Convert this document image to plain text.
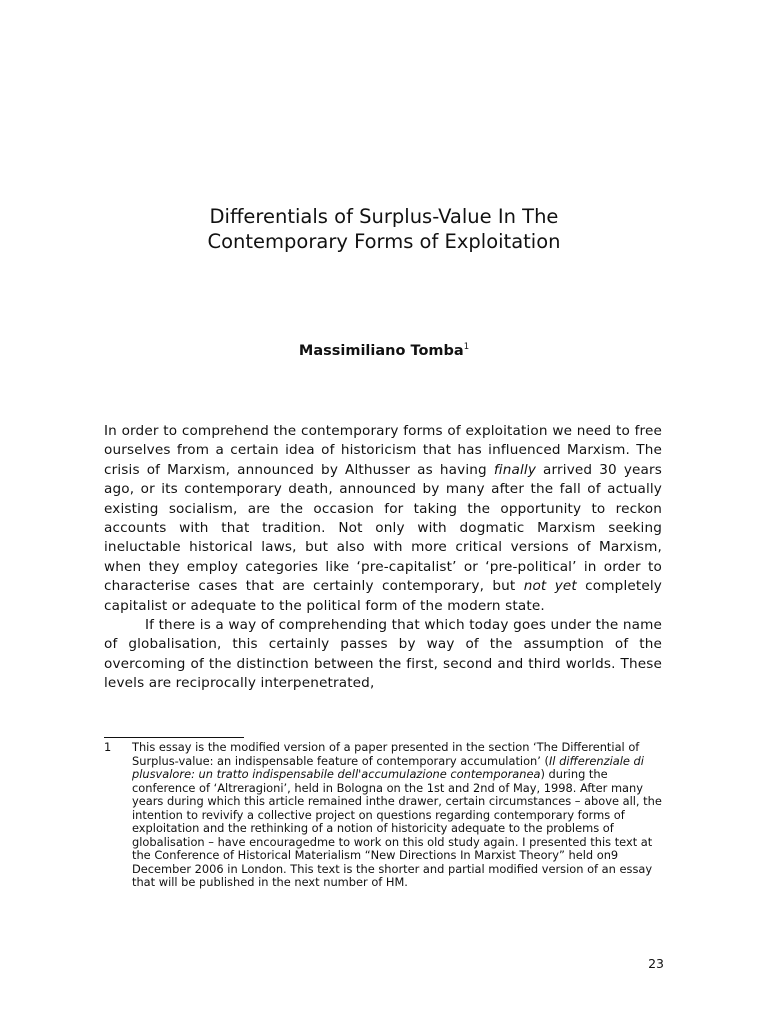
Differentials of Surplus-Value In The
Contemporary Forms of Exploitation
Massimiliano Tomba$^1$

In order to comprehend the contemporary forms of exploitation we need to free ourselves from a certain idea of historicism that has influenced Marxism. The crisis of Marxism, announced by Althusser as having finally arrived 30 years ago, or its contemporary death, announced by many after the fall of actually existing socialism, are the occasion for taking the opportunity to reckon accounts with that tradition. Not only with dogmatic Marxism seeking ineluctable historical laws, but also with more critical versions of Marxism, when they employ categories like ‘pre-capitalist’ or ‘pre-political’ in order to characterise cases that are certainly contemporary, but not yet completely capitalist or adequate to the political form of the modern state.

If there is a way of comprehending that which today goes under the name of globalisation, this certainly passes by way of the assumption of the overcoming of the distinction between the first, second and third worlds. These levels are reciprocally interpenetrated,

1 This essay is the modified version of a paper presented in the section ‘The Differential of Surplus-value: an indispensable feature of contemporary accumulation’ (Il differenziale di plusvalore: un tratto indispensabile dell'accumulazione contemporanea) during the conference of ‘Altreragioni’, held in Bologna on the 1st and 2nd of May, 1998. After many years during which this article remained inthe drawer, certain circumstances – above all, the intention to revivify a collective project on questions regarding contemporary forms of exploitation and the rethinking of a notion of historicity adequate to the problems of globalisation – have encouragedme to work on this old study again. I presented this text at the Conference of Historical Materialism “New Directions In Marxist Theory” held on9 December 2006 in London. This text is the shorter and partial modified version of an essay that will be published in the next number of HM.
23
